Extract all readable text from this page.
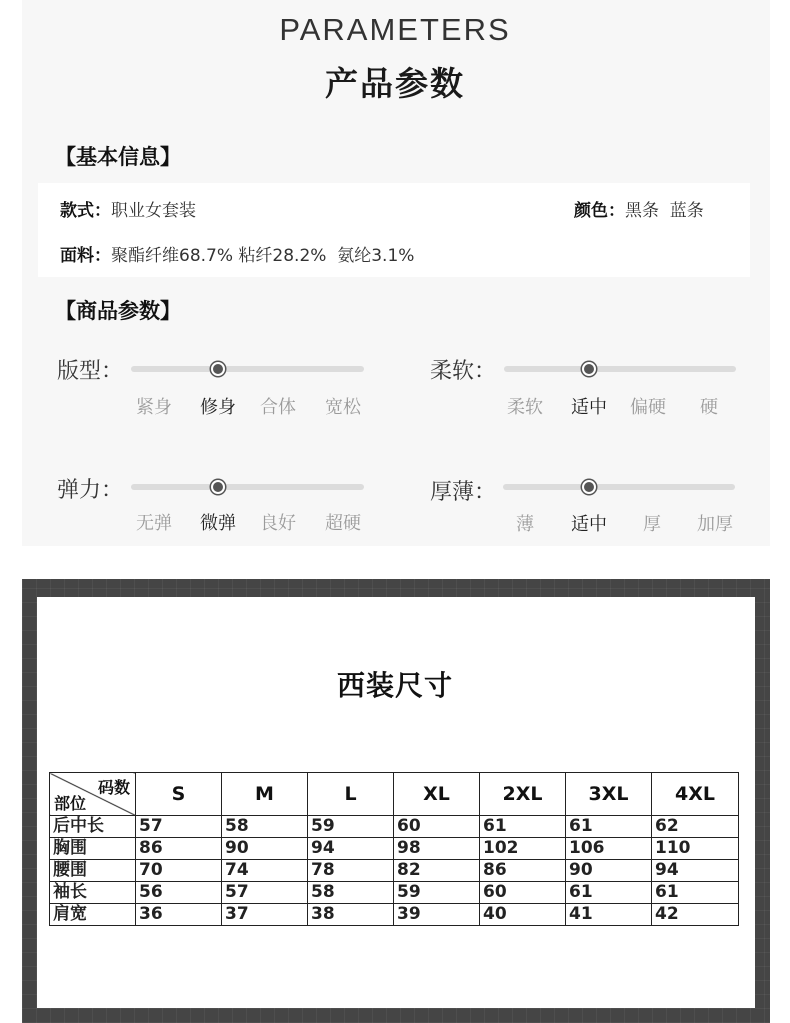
PARAMETERS
产品参数
【基本信息】
款式：职业女套装	颜色：黑条  蓝条
面料：聚酯纤维68.7% 粘纤28.2%  氨纶3.1%
【商品参数】
版型：
紧身 修身 合体 宽松
柔软：
柔软 适中 偏硬 硬
弹力：
无弹 微弹 良好 超硬
厚薄：
薄 适中 厚 加厚
西装尺寸
码数
部位	S	M	L	XL	2XL	3XL	4XL
后中长	57	58	59	60	61	61	62
胸围	86	90	94	98	102	106	110
腰围	70	74	78	82	86	90	94
袖长	56	57	58	59	60	61	61
肩宽	36	37	38	39	40	41	42
